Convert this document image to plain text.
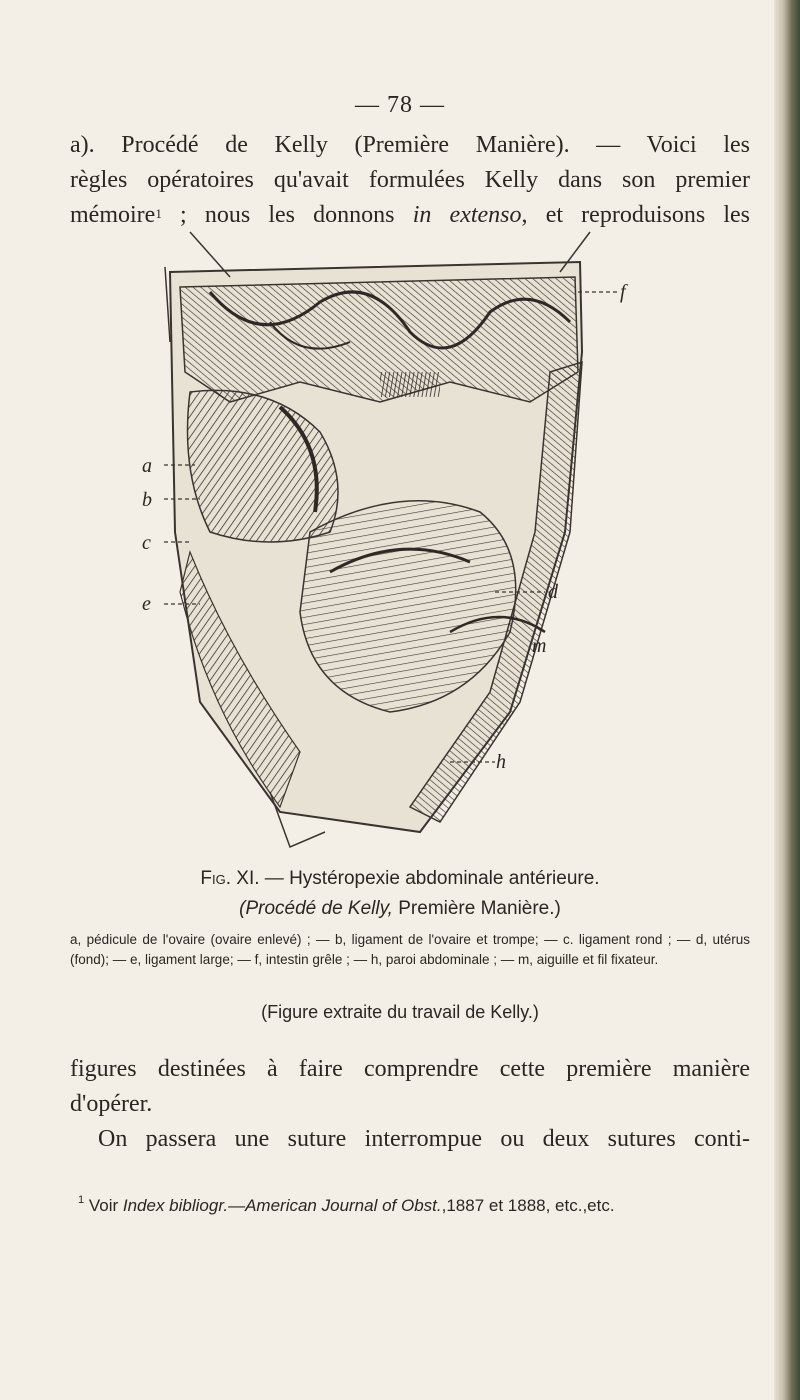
— 78 —
a). Procédé de Kelly (Première Manière). — Voici les
règles opératoires qu'avait formulées Kelly dans son premier
mémoire$^1$ ; nous les donnons in extenso, et reproduisons les
a
b
c
e
f
d
m
h
Fig. XI. — Hystéropexie abdominale antérieure.
(Procédé de Kelly, Première Manière.)
a, pédicule de l'ovaire (ovaire enlevé) ; — b, ligament de l'ovaire et trompe; — c. ligament rond ; — d, utérus (fond); — e, ligament large; — f, intestin grêle ; — h, paroi abdominale ; — m, aiguille et fil fixateur.
(Figure extraite du travail de Kelly.)
figures destinées à faire comprendre cette première manière
d'opérer.
On passera une suture interrompue ou deux sutures conti-
$^1$ Voir Index bibliogr.—American Journal of Obst.,1887 et 1888, etc.,etc.
